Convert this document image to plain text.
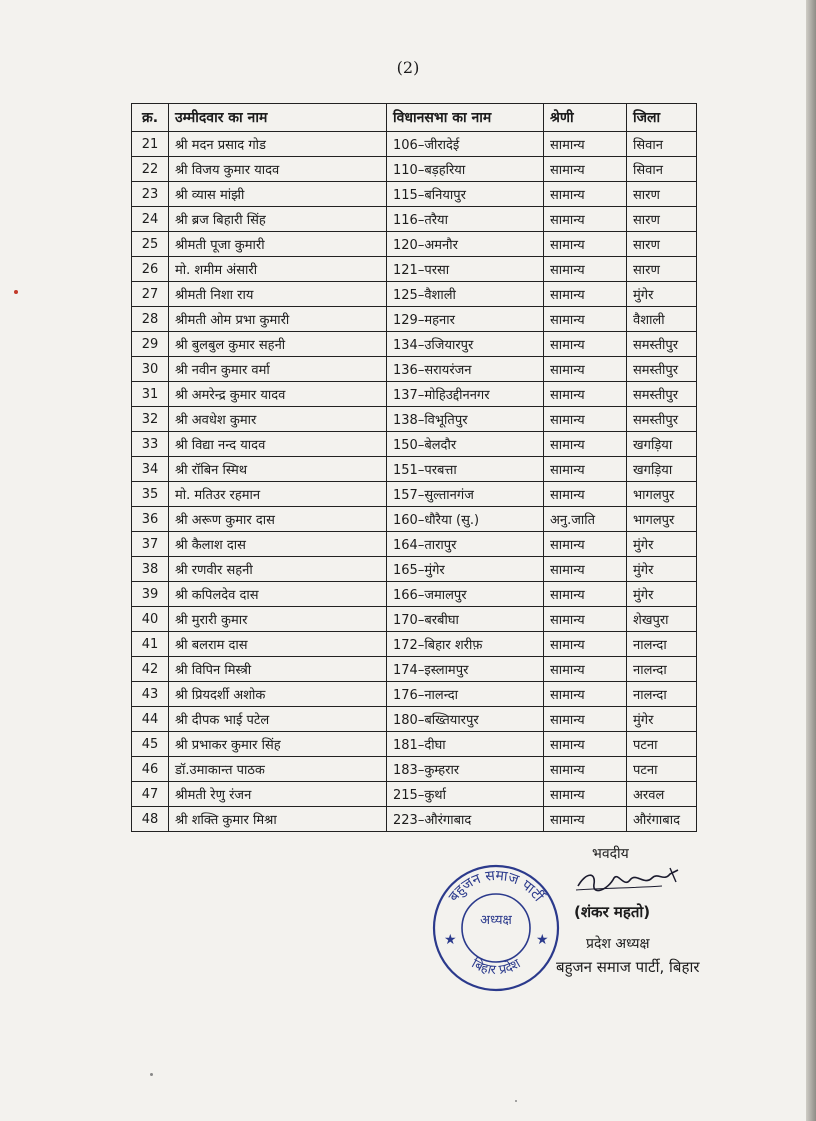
(2)
क्र.	उम्मीदवार का नाम	विधानसभा का नाम	श्रेणी	जिला
21	श्री मदन प्रसाद गोड	106–जीरादेई	सामान्य	सिवान
22	श्री विजय कुमार यादव	110–बड़हरिया	सामान्य	सिवान
23	श्री व्यास मांझी	115–बनियापुर	सामान्य	सारण
24	श्री ब्रज बिहारी सिंह	116–तरैया	सामान्य	सारण
25	श्रीमती पूजा कुमारी	120–अमनौर	सामान्य	सारण
26	मो. शमीम अंसारी	121–परसा	सामान्य	सारण
27	श्रीमती निशा राय	125–वैशाली	सामान्य	मुंगेर
28	श्रीमती ओम प्रभा कुमारी	129–महनार	सामान्य	वैशाली
29	श्री बुलबुल कुमार सहनी	134–उजियारपुर	सामान्य	समस्तीपुर
30	श्री नवीन कुमार वर्मा	136–सरायरंजन	सामान्य	समस्तीपुर
31	श्री अमरेन्द्र कुमार यादव	137–मोहिउद्दीननगर	सामान्य	समस्तीपुर
32	श्री अवधेश कुमार	138–विभूतिपुर	सामान्य	समस्तीपुर
33	श्री विद्या नन्द यादव	150–बेलदौर	सामान्य	खगड़िया
34	श्री रॉबिन स्मिथ	151–परबत्ता	सामान्य	खगड़िया
35	मो. मतिउर रहमान	157–सुल्तानगंज	सामान्य	भागलपुर
36	श्री अरूण कुमार दास	160–धौरैया (सु.)	अनु.जाति	भागलपुर
37	श्री कैलाश दास	164–तारापुर	सामान्य	मुंगेर
38	श्री रणवीर सहनी	165–मुंगेर	सामान्य	मुंगेर
39	श्री कपिलदेव दास	166–जमालपुर	सामान्य	मुंगेर
40	श्री मुरारी कुमार	170–बरबीघा	सामान्य	शेखपुरा
41	श्री बलराम दास	172–बिहार शरीफ़	सामान्य	नालन्दा
42	श्री विपिन मिस्त्री	174–इस्लामपुर	सामान्य	नालन्दा
43	श्री प्रियदर्शी अशोक	176–नालन्दा	सामान्य	नालन्दा
44	श्री दीपक भाई पटेल	180–बख्तियारपुर	सामान्य	मुंगेर
45	श्री प्रभाकर कुमार सिंह	181–दीघा	सामान्य	पटना
46	डॉ.उमाकान्त पाठक	183–कुम्हरार	सामान्य	पटना
47	श्रीमती रेणु रंजन	215–कुर्था	सामान्य	अरवल
48	श्री शक्ति कुमार मिश्रा	223–औरंगाबाद	सामान्य	औरंगाबाद
बहुजन समाज पार्टी
बिहार प्रदेश
★	★
अध्यक्ष
भवदीय
(शंकर महतो)
प्रदेश अध्यक्ष
बहुजन समाज पार्टी, बिहार
